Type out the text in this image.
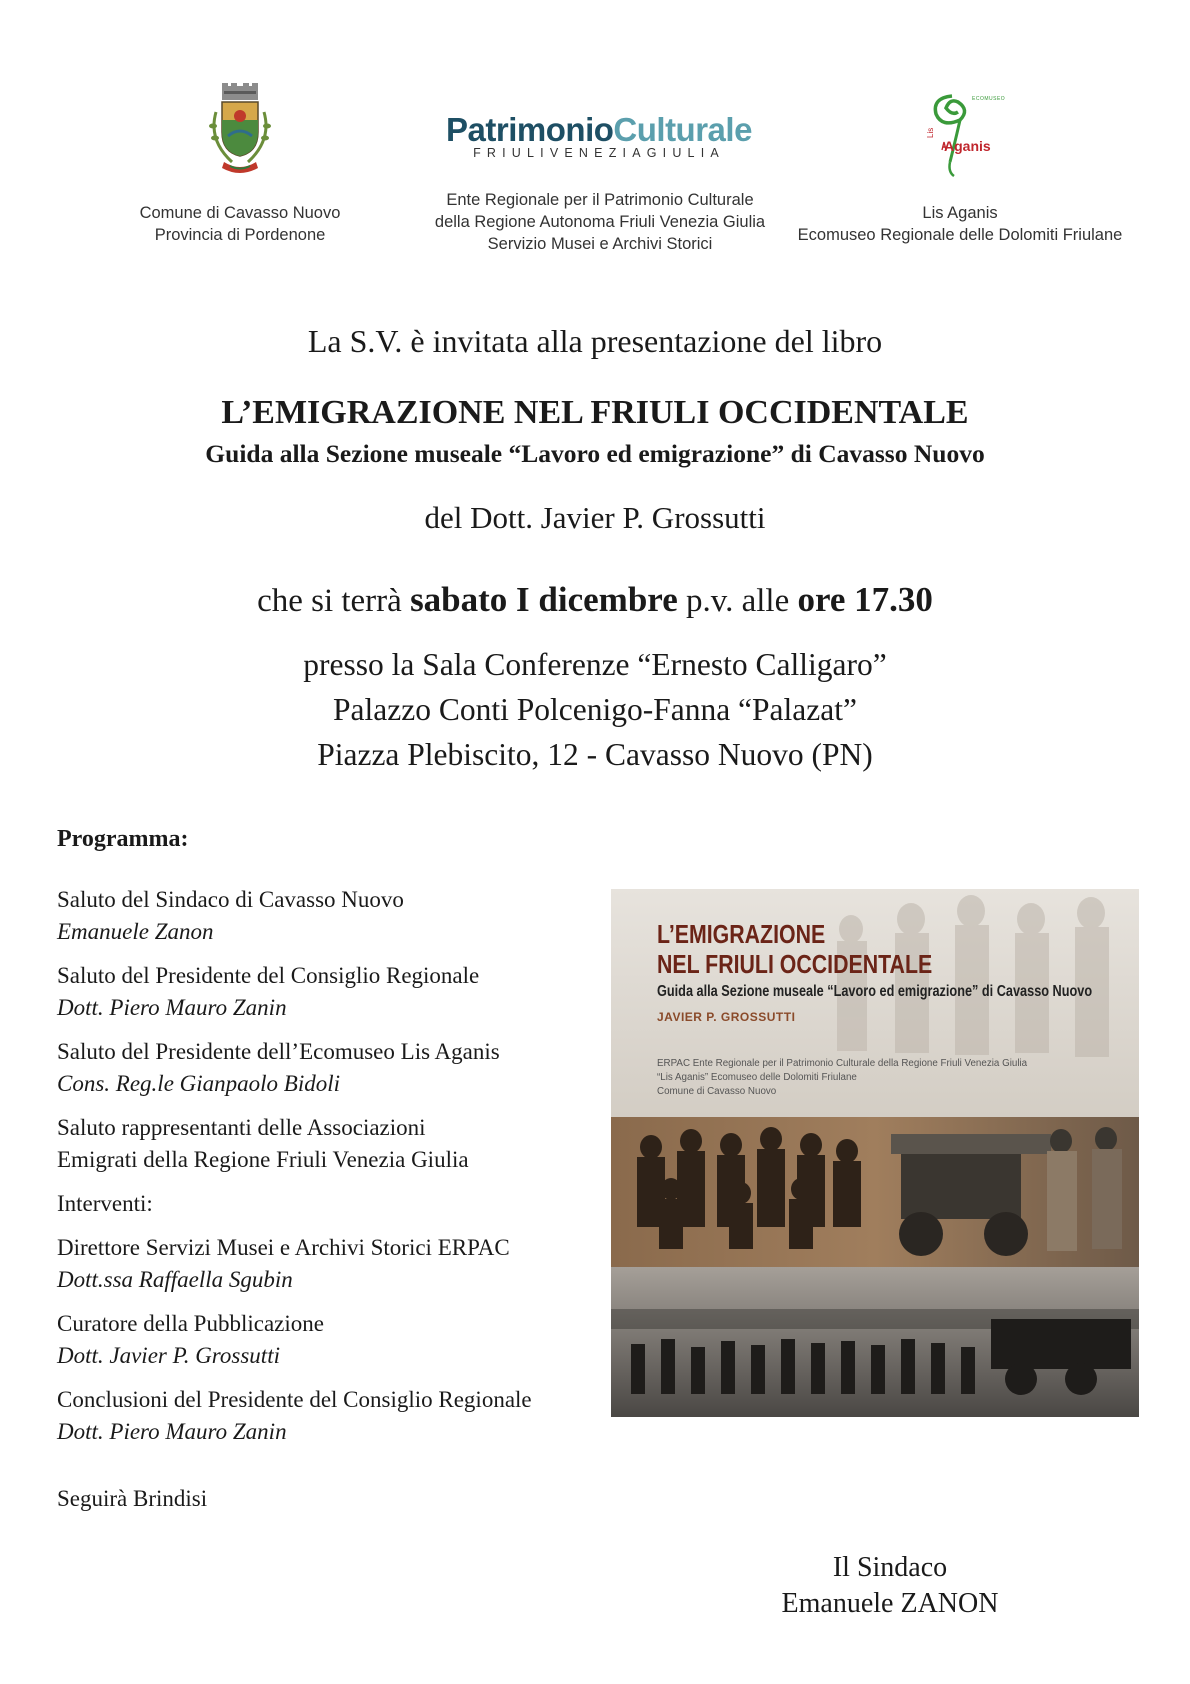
Comune di Cavasso Nuovo
Provincia di Pordenone
PatrimonioCulturale
FRIULIVENEZIAGIULIA
Ente Regionale per il Patrimonio Culturale
della Regione Autonoma Friuli Venezia Giulia
Servizio Musei e Archivi Storici
Lis
Aganis
ECOMUSEO
Lis Aganis
Ecomuseo Regionale delle Dolomiti Friulane
La S.V. è invitata alla presentazione del libro
L’EMIGRAZIONE NEL FRIULI OCCIDENTALE
Guida alla Sezione museale “Lavoro ed emigrazione” di Cavasso Nuovo
del Dott. Javier P. Grossutti
che si terrà sabato I dicembre p.v. alle ore 17.30
presso la Sala Conferenze “Ernesto Calligaro”
Palazzo Conti Polcenigo-Fanna “Palazat”
Piazza Plebiscito, 12 - Cavasso Nuovo (PN)
Programma:
Saluto del Sindaco di Cavasso Nuovo
Emanuele Zanon
Saluto del Presidente del Consiglio Regionale
Dott. Piero Mauro Zanin
Saluto del Presidente dell’Ecomuseo Lis Aganis
Cons. Reg.le Gianpaolo Bidoli
Saluto rappresentanti delle Associazioni
Emigrati della Regione Friuli Venezia Giulia
Interventi:
Direttore Servizi Musei e Archivi Storici ERPAC
Dott.ssa Raffaella Sgubin
Curatore della Pubblicazione
Dott. Javier P. Grossutti
Conclusioni del Presidente del Consiglio Regionale
Dott. Piero Mauro Zanin
Seguirà Brindisi
L’EMIGRAZIONE
NEL FRIULI OCCIDENTALE
Guida alla Sezione museale “Lavoro ed emigrazione” di Cavasso Nuovo
JAVIER P. GROSSUTTI
ERPAC Ente Regionale per il Patrimonio Culturale della Regione Friuli Venezia Giulia
“Lis Aganis” Ecomuseo delle Dolomiti Friulane
Comune di Cavasso Nuovo
Il Sindaco
Emanuele ZANON
